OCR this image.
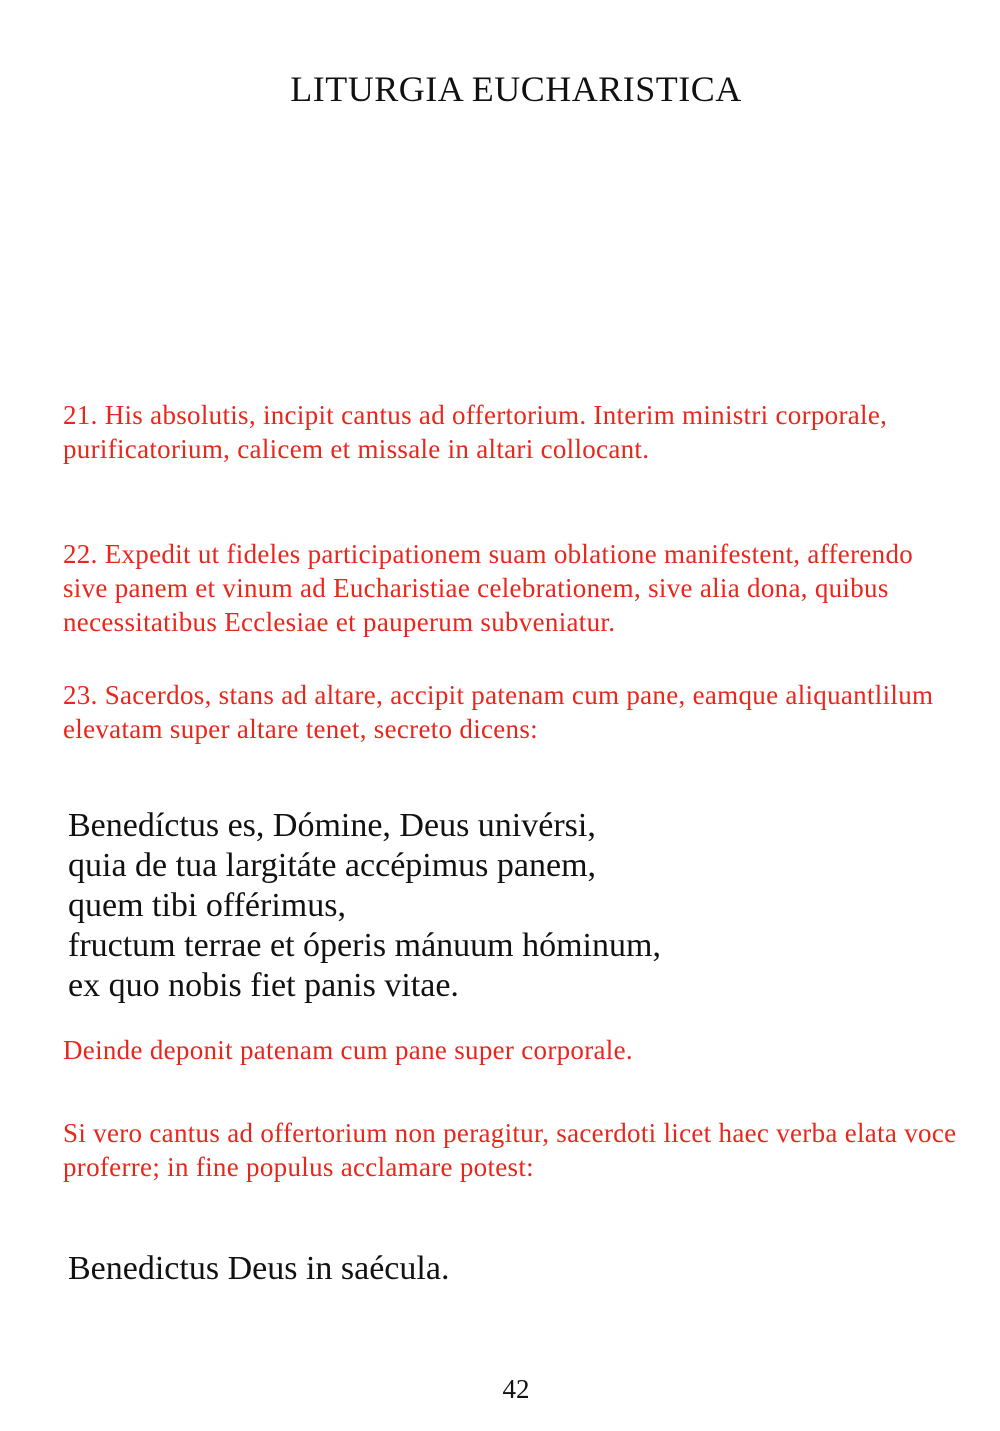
LITURGIA EUCHARISTICA

21. His absolutis, incipit cantus ad offertorium. Interim ministri corporale, purificatorium, calicem et missale in altari collocant.

22. Expedit ut fideles participationem suam oblatione manifestent, afferendo sive panem et vinum ad Eucharistiae celebrationem, sive alia dona, quibus necessitatibus Ecclesiae et pauperum subveniatur.

23. Sacerdos, stans ad altare, accipit patenam cum pane, eamque aliquantlilum elevatam super altare tenet, secreto dicens:

Benedíctus es, Dómine, Deus univérsi,
quia de tua largitáte accépimus panem,
quem tibi offérimus,
fructum terrae et óperis mánuum hóminum,
ex quo nobis fiet panis vitae.

Deinde deponit patenam cum pane super corporale.

Si vero cantus ad offertorium non peragitur, sacerdoti licet haec verba elata voce proferre; in fine populus acclamare potest:

Benedictus Deus in saécula.
42
